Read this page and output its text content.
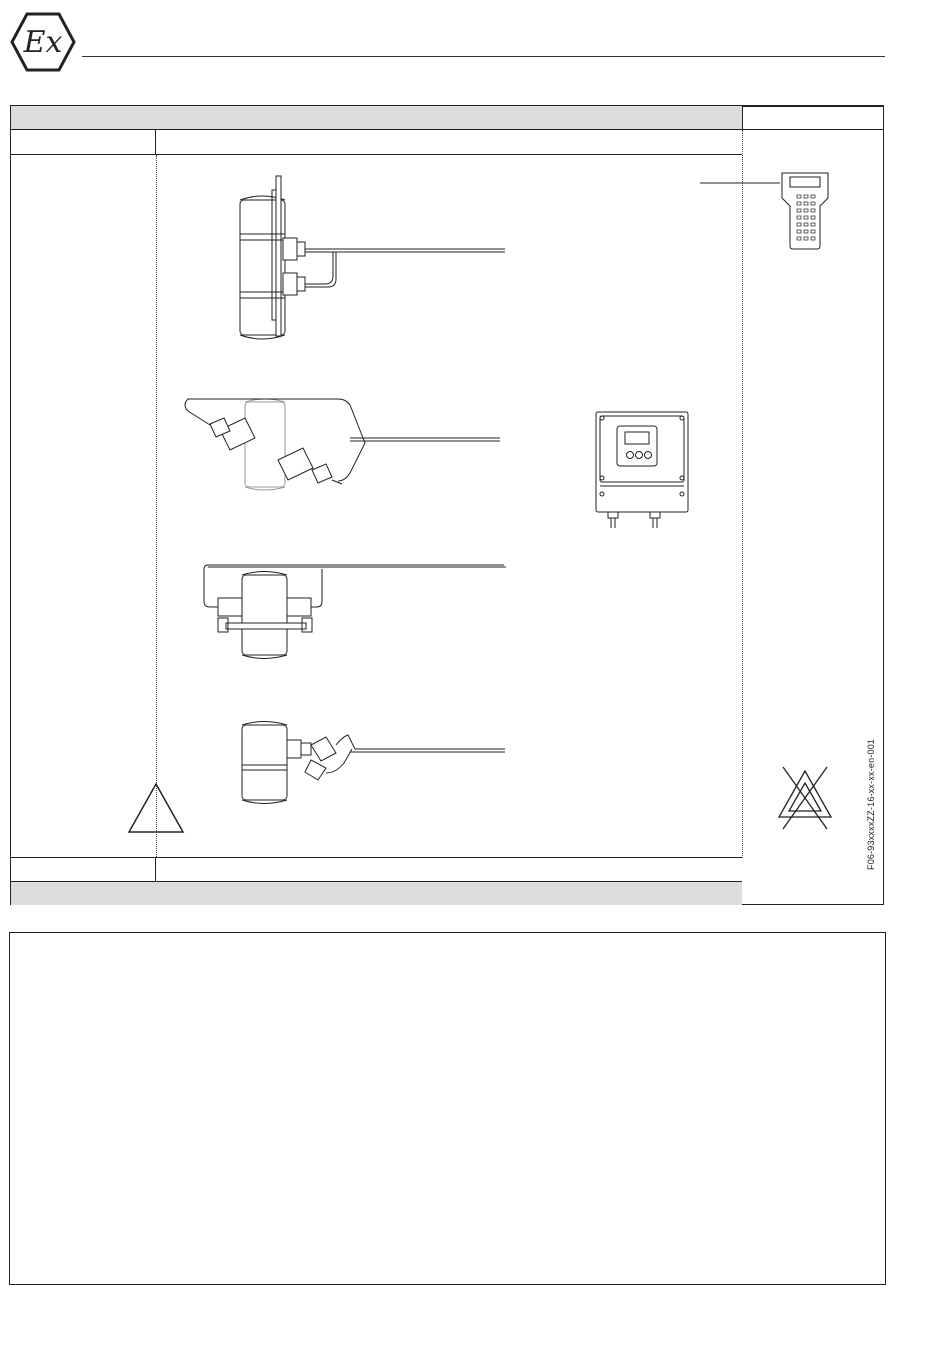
Ex
F06-93xxxxZZ-16-xx-xx-en-001
